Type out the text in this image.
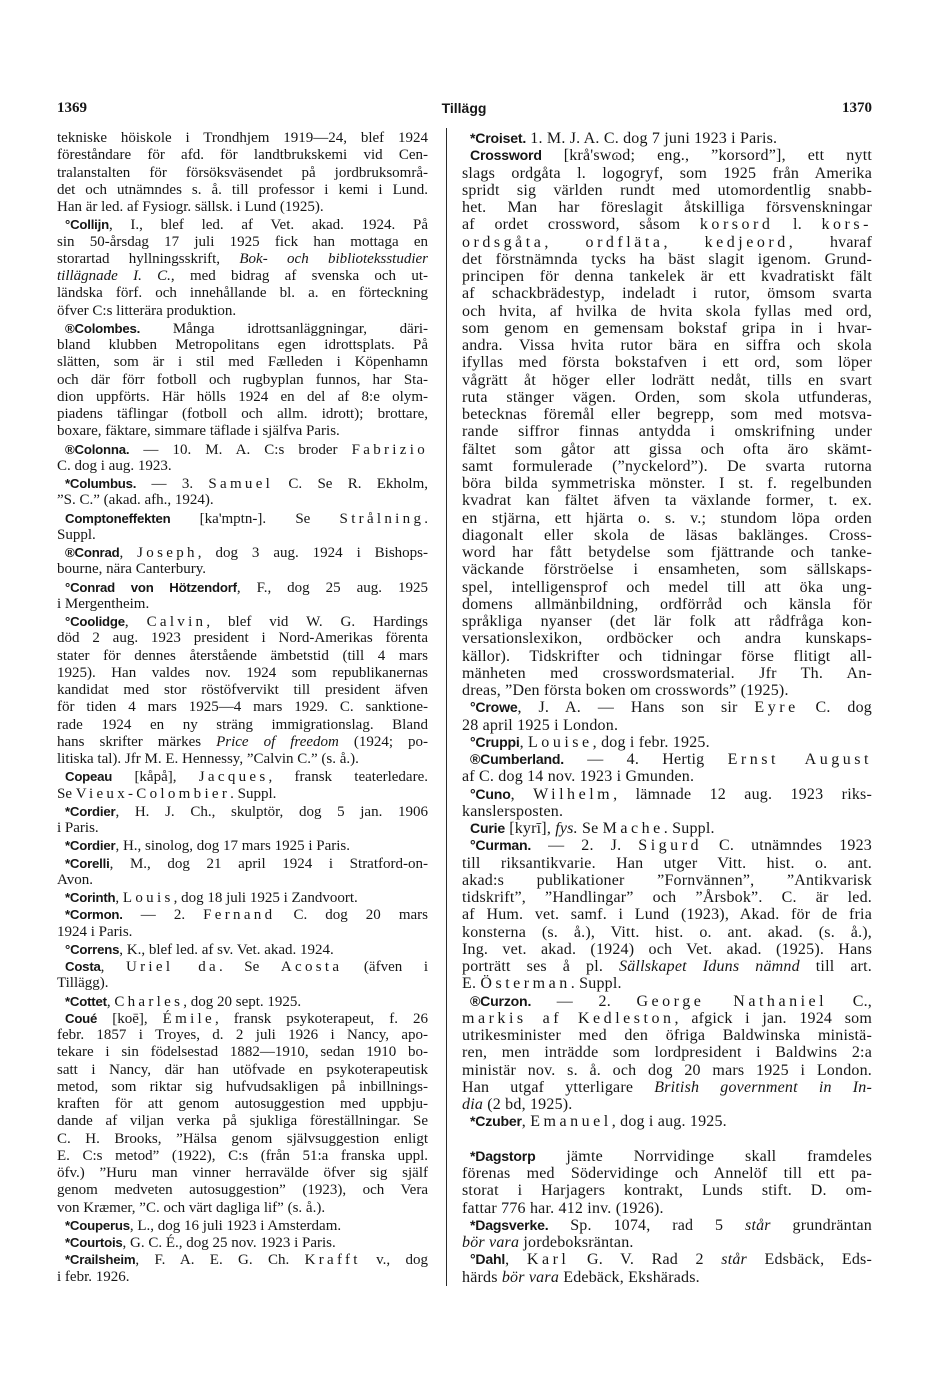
1369	Tillägg	1370
tekniske höiskole i Trondhjem 1919—24, blef 1924
föreståndare för afd. för landtbrukskemi vid Cen-
tralanstalten för försöksväsendet på jordbruksområ-
det och utnämndes s. å. till professor i kemi i Lund.
Han är led. af Fysiogr. sällsk. i Lund (1925).
°Collijn, I., blef led. af Vet. akad. 1924. På
sin 50-årsdag 17 juli 1925 fick han mottaga en
storartad hyllningsskrift, Bok- och biblioteksstudier
tillägnade I. C., med bidrag af svenska och ut-
ländska förf. och innehållande bl. a. en förteckning
öfver C:s litterära produktion.
®Colombes. Många idrottsanläggningar, däri-
bland klubben Metropolitans egen idrottsplats. På
slätten, som är i stil med Fælleden i Köpenhamn
och där förr fotboll och rugbyplan funnos, har Sta-
dion uppförts. Här hölls 1924 en del af 8:e olym-
piadens täflingar (fotboll och allm. idrott); brottare,
boxare, fäktare, simmare täflade i själfva Paris.
®Colonna. — 10. M. A. C:s broder Fabrizio
C. dog i aug. 1923.
*Columbus. — 3. Samuel C. Se R. Ekholm,
”S. C.” (akad. afh., 1924).
Comptoneffekten [ka'mptn-]. Se Strålning.
Suppl.
®Conrad, Joseph, dog 3 aug. 1924 i Bishops-
bourne, nära Canterbury.
°Conrad von Hötzendorf, F., dog 25 aug. 1925
i Mergentheim.
°Coolidge, Calvin, blef vid W. G. Hardings
död 2 aug. 1923 president i Nord-Amerikas förenta
stater för dennes återstående ämbetstid (till 4 mars
1925). Han valdes nov. 1924 som republikanernas
kandidat med stor röstöfvervikt till president äfven
för tiden 4 mars 1925—4 mars 1929. C. sanktione-
rade 1924 en ny sträng immigrationslag. Bland
hans skrifter märkes Price of freedom (1924; po-
litiska tal). Jfr M. E. Hennessy, ”Calvin C.” (s. å.).
Copeau [kåpå], Jacques, fransk teaterledare.
Se Vieux-Colombier. Suppl.
*Cordier, H. J. Ch., skulptör, dog 5 jan. 1906
i Paris.
*Cordier, H., sinolog, dog 17 mars 1925 i Paris.
*Corelli, M., dog 21 april 1924 i Stratford-on-
Avon.
*Corinth, Louis, dog 18 juli 1925 i Zandvoort.
*Cormon. — 2. Fernand C. dog 20 mars
1924 i Paris.
°Correns, K., blef led. af sv. Vet. akad. 1924.
Costa, Uriel da. Se Acosta (äfven i
Tillägg).
*Cottet, Charles, dog 20 sept. 1925.
Coué [koē], Émile, fransk psykoterapeut, f. 26
febr. 1857 i Troyes, d. 2 juli 1926 i Nancy, apo-
tekare i sin födelsestad 1882—1910, sedan 1910 bo-
satt i Nancy, där han utöfvade en psykoterapeutisk
metod, som riktar sig hufvudsakligen på inbillnings-
kraften för att genom autosuggestion med uppbju-
dande af viljan verka på sjukliga föreställningar. Se
C. H. Brooks, ”Hälsa genom självsuggestion enligt
E. C:s metod” (1922), C:s (från 51:a franska uppl.
öfv.) ”Huru man vinner herravälde öfver sig själf
genom medveten autosuggestion” (1923), och Vera
von Kræmer, ”C. och värt dagliga lif” (s. å.).
*Couperus, L., dog 16 juli 1923 i Amsterdam.
*Courtois, G. C. É., dog 25 nov. 1923 i Paris.
*Crailsheim, F. A. E. G. Ch. Krafft v., dog
i febr. 1926.
*Croiset. 1. M. J. A. C. dog 7 juni 1923 i Paris.
Crossword [krå'swɷd; eng., ”korsord”], ett nytt
slags ordgåta l. logogryf, som 1925 från Amerika
spridt sig världen rundt med utomordentlig snabb-
het. Man har föreslagit åtskilliga försvenskningar
af ordet crossword, såsom korsord l. kors-
ordsgåta, ordfläta, kedjeord, hvaraf
det förstnämnda tycks ha bäst slagit igenom. Grund-
principen för denna tankelek är ett kvadratiskt fält
af schackbrädestyp, indeladt i rutor, ömsom svarta
och hvita, af hvilka de hvita skola fyllas med ord,
som genom en gemensam bokstaf gripa in i hvar-
andra. Vissa hvita rutor bära en siffra och skola
ifyllas med första bokstafven i ett ord, som löper
vågrätt åt höger eller lodrätt nedåt, tills en svart
ruta stänger vägen. Orden, som skola utfunderas,
betecknas föremål eller begrepp, som med motsva-
rande siffror finnas antydda i omskrifning under
fältet som gåtor att gissa och ofta äro skämt-
samt formulerade (”nyckelord”). De svarta rutorna
böra bilda symmetriska mönster. I st. f. regelbunden
kvadrat kan fältet äfven ta växlande former, t. ex.
en stjärna, ett hjärta o. s. v.; stundom löpa orden
diagonalt eller skola de läsas baklänges. Cross-
word har fått betydelse som fjättrande och tanke-
väckande förströelse i ensamheten, som sällskaps-
spel, intelligensprof och medel till att öka ung-
domens allmänbildning, ordförråd och känsla för
språkliga nyanser (det lär folk att rådfråga kon-
versationslexikon, ordböcker och andra kunskaps-
källor). Tidskrifter och tidningar förse flitigt all-
mänheten med crosswordsmaterial. Jfr Th. An-
dreas, ”Den första boken om crosswords” (1925).
°Crowe, J. A. — Hans son sir Eyre C. dog
28 april 1925 i London.
°Cruppi, Louise, dog i febr. 1925.
®Cumberland. — 4. Hertig Ernst August
af C. dog 14 nov. 1923 i Gmunden.
°Cuno, Wilhelm, lämnade 12 aug. 1923 riks-
kanslersposten.
Curie [kyrī], fys. Se Mache. Suppl.
°Curman. — 2. J. Sigurd C. utnämndes 1923
till riksantikvarie. Han utger Vitt. hist. o. ant.
akad:s publikationer ”Fornvännen”, ”Antikvarisk
tidskrift”, ”Handlingar” och ”Årsbok”. C. är led.
af Hum. vet. samf. i Lund (1923), Akad. för de fria
konsterna (s. å.), Vitt. hist. o. ant. akad. (s. å.),
Ing. vet. akad. (1924) och Vet. akad. (1925). Hans
porträtt ses å pl. Sällskapet Iduns nämnd till art.
E. Österman. Suppl.
®Curzon. — 2. George Nathaniel C.,
markis af Kedleston, afgick i jan. 1924 som
utrikesminister med den öfriga Baldwinska ministä-
ren, men inträdde som lordpresident i Baldwins 2:a
ministär nov. s. å. och dog 20 mars 1925 i London.
Han utgaf ytterligare British government in In-
dia (2 bd, 1925).
*Czuber, Emanuel, dog i aug. 1925.
*Dagstorp jämte Norrvidinge skall framdeles
förenas med Södervidinge och Annelöf till ett pa-
storat i Harjagers kontrakt, Lunds stift. D. om-
fattar 776 har. 412 inv. (1926).
*Dagsverke. Sp. 1074, rad 5 står grundräntan
bör vara jordeboksräntan.
°Dahl, Karl G. V. Rad 2 står Edsbäck, Eds-
härds bör vara Edebäck, Ekshärads.
